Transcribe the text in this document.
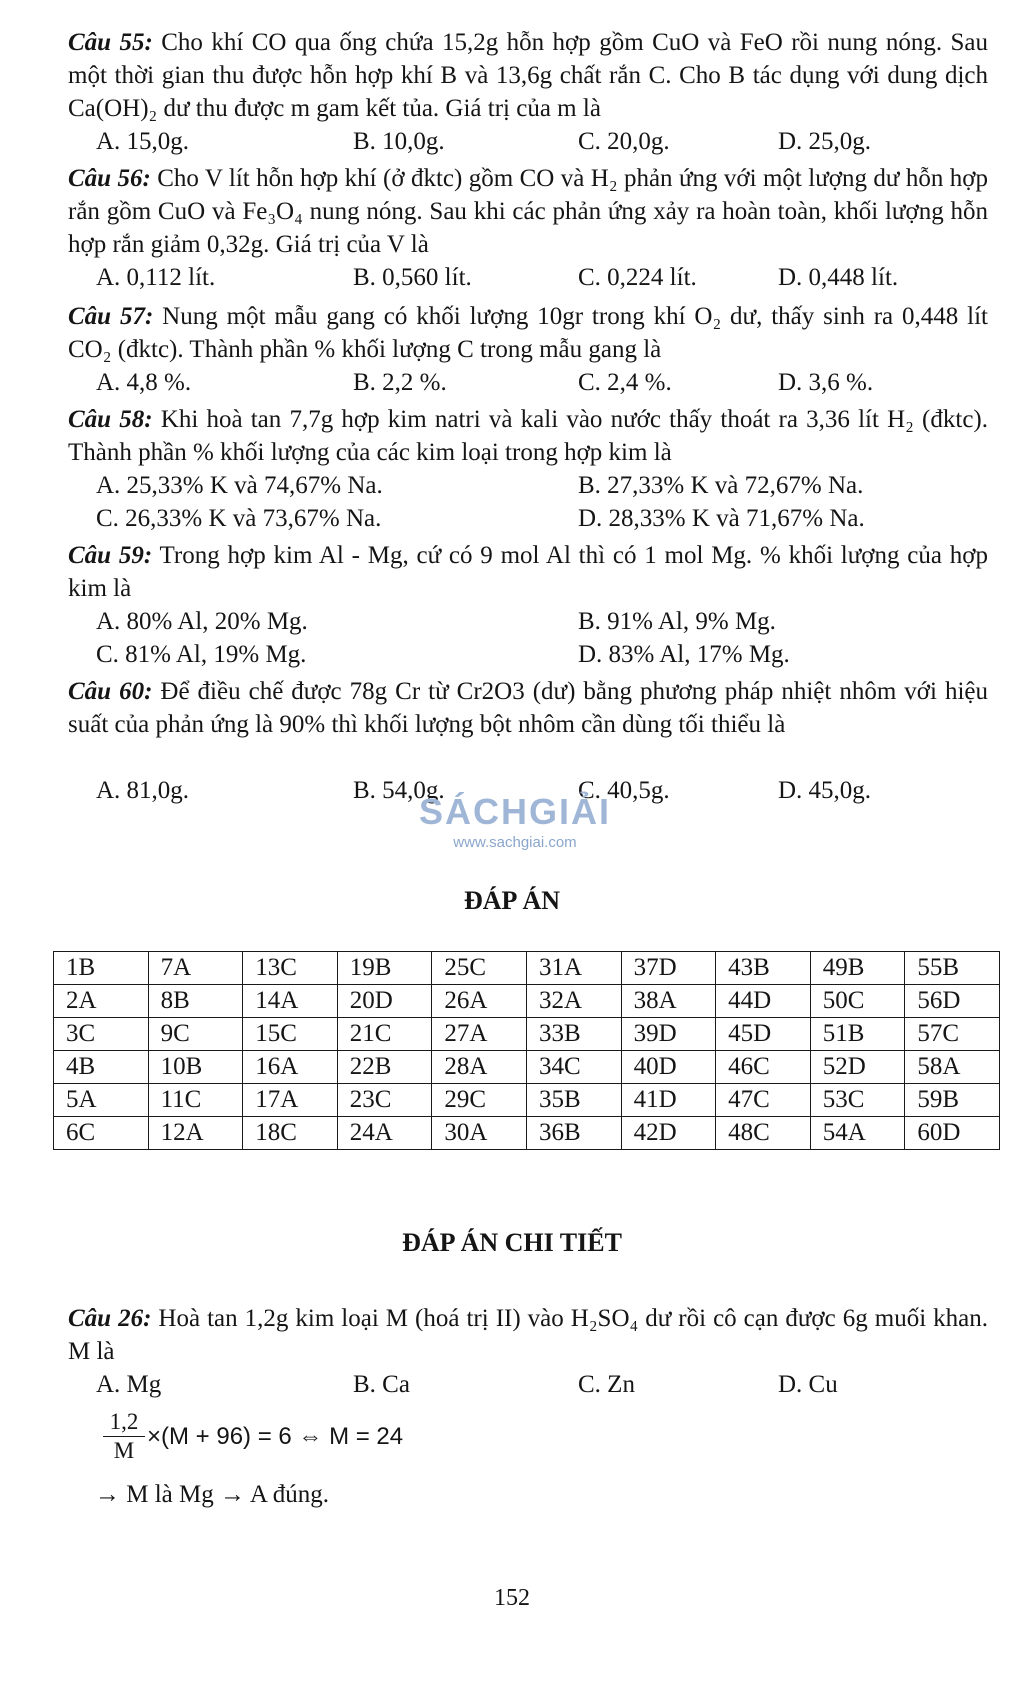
Câu 55: Cho khí CO qua ống chứa 15,2g hỗn hợp gồm CuO và FeO rồi nung nóng. Sau một thời gian thu được hỗn hợp khí B và 13,6g chất rắn C. Cho B tác dụng với dung dịch Ca(OH)₂ dư thu được m gam kết tủa. Giá trị của m là

A. 15,0g.	B. 10,0g.	C. 20,0g.	D. 25,0g.

Câu 56: Cho V lít hỗn hợp khí (ở đktc) gồm CO và H₂ phản ứng với một lượng dư hỗn hợp rắn gồm CuO và Fe₃O₄ nung nóng. Sau khi các phản ứng xảy ra hoàn toàn, khối lượng hỗn hợp rắn giảm 0,32g. Giá trị của V là

A. 0,112 lít.	B. 0,560 lít.	C. 0,224 lít.	D. 0,448 lít.

Câu 57: Nung một mẫu gang có khối lượng 10gr trong khí O₂ dư, thấy sinh ra 0,448 lít CO₂ (đktc). Thành phần % khối lượng C trong mẫu gang là

A. 4,8 %.	B. 2,2 %.	C. 2,4 %.	D. 3,6 %.

Câu 58: Khi hoà tan 7,7g hợp kim natri và kali vào nước thấy thoát ra 3,36 lít H₂ (đktc). Thành phần % khối lượng của các kim loại trong hợp kim là

A. 25,33% K và 74,67% Na.	B. 27,33% K và 72,67% Na.
C. 26,33% K và 73,67% Na.	D. 28,33% K và 71,67% Na.

Câu 59: Trong hợp kim Al - Mg, cứ có 9 mol Al thì có 1 mol Mg. % khối lượng của hợp kim là

A. 80% Al, 20% Mg.	B. 91% Al, 9% Mg.
C. 81% Al, 19% Mg.	D. 83% Al, 17% Mg.

Câu 60: Để điều chế được 78g Cr từ Cr2O3 (dư) bằng phương pháp nhiệt nhôm với hiệu suất của phản ứng là 90% thì khối lượng bột nhôm cần dùng tối thiểu là

A. 81,0g.	B. 54,0g.	C. 40,5g.	D. 45,0g.
SÁCHGIẢI
www.sachgiai.com
ĐÁP ÁN
1B	7A	13C	19B	25C	31A	37D	43B	49B	55B
2A	8B	14A	20D	26A	32A	38A	44D	50C	56D
3C	9C	15C	21C	27A	33B	39D	45D	51B	57C
4B	10B	16A	22B	28A	34C	40D	46C	52D	58A
5A	11C	17A	23C	29C	35B	41D	47C	53C	59B
6C	12A	18C	24A	30A	36B	42D	48C	54A	60D
ĐÁP ÁN CHI TIẾT

Câu 26: Hoà tan 1,2g kim loại M (hoá trị II) vào H₂SO₄ dư rồi cô cạn được 6g muối khan. M là

A. Mg	B. Ca	C. Zn	D. Cu
$\frac{1,2}{M} \times(M + 96) = 6$ ⇔ M = 24
→ M là Mg → A đúng.
152
